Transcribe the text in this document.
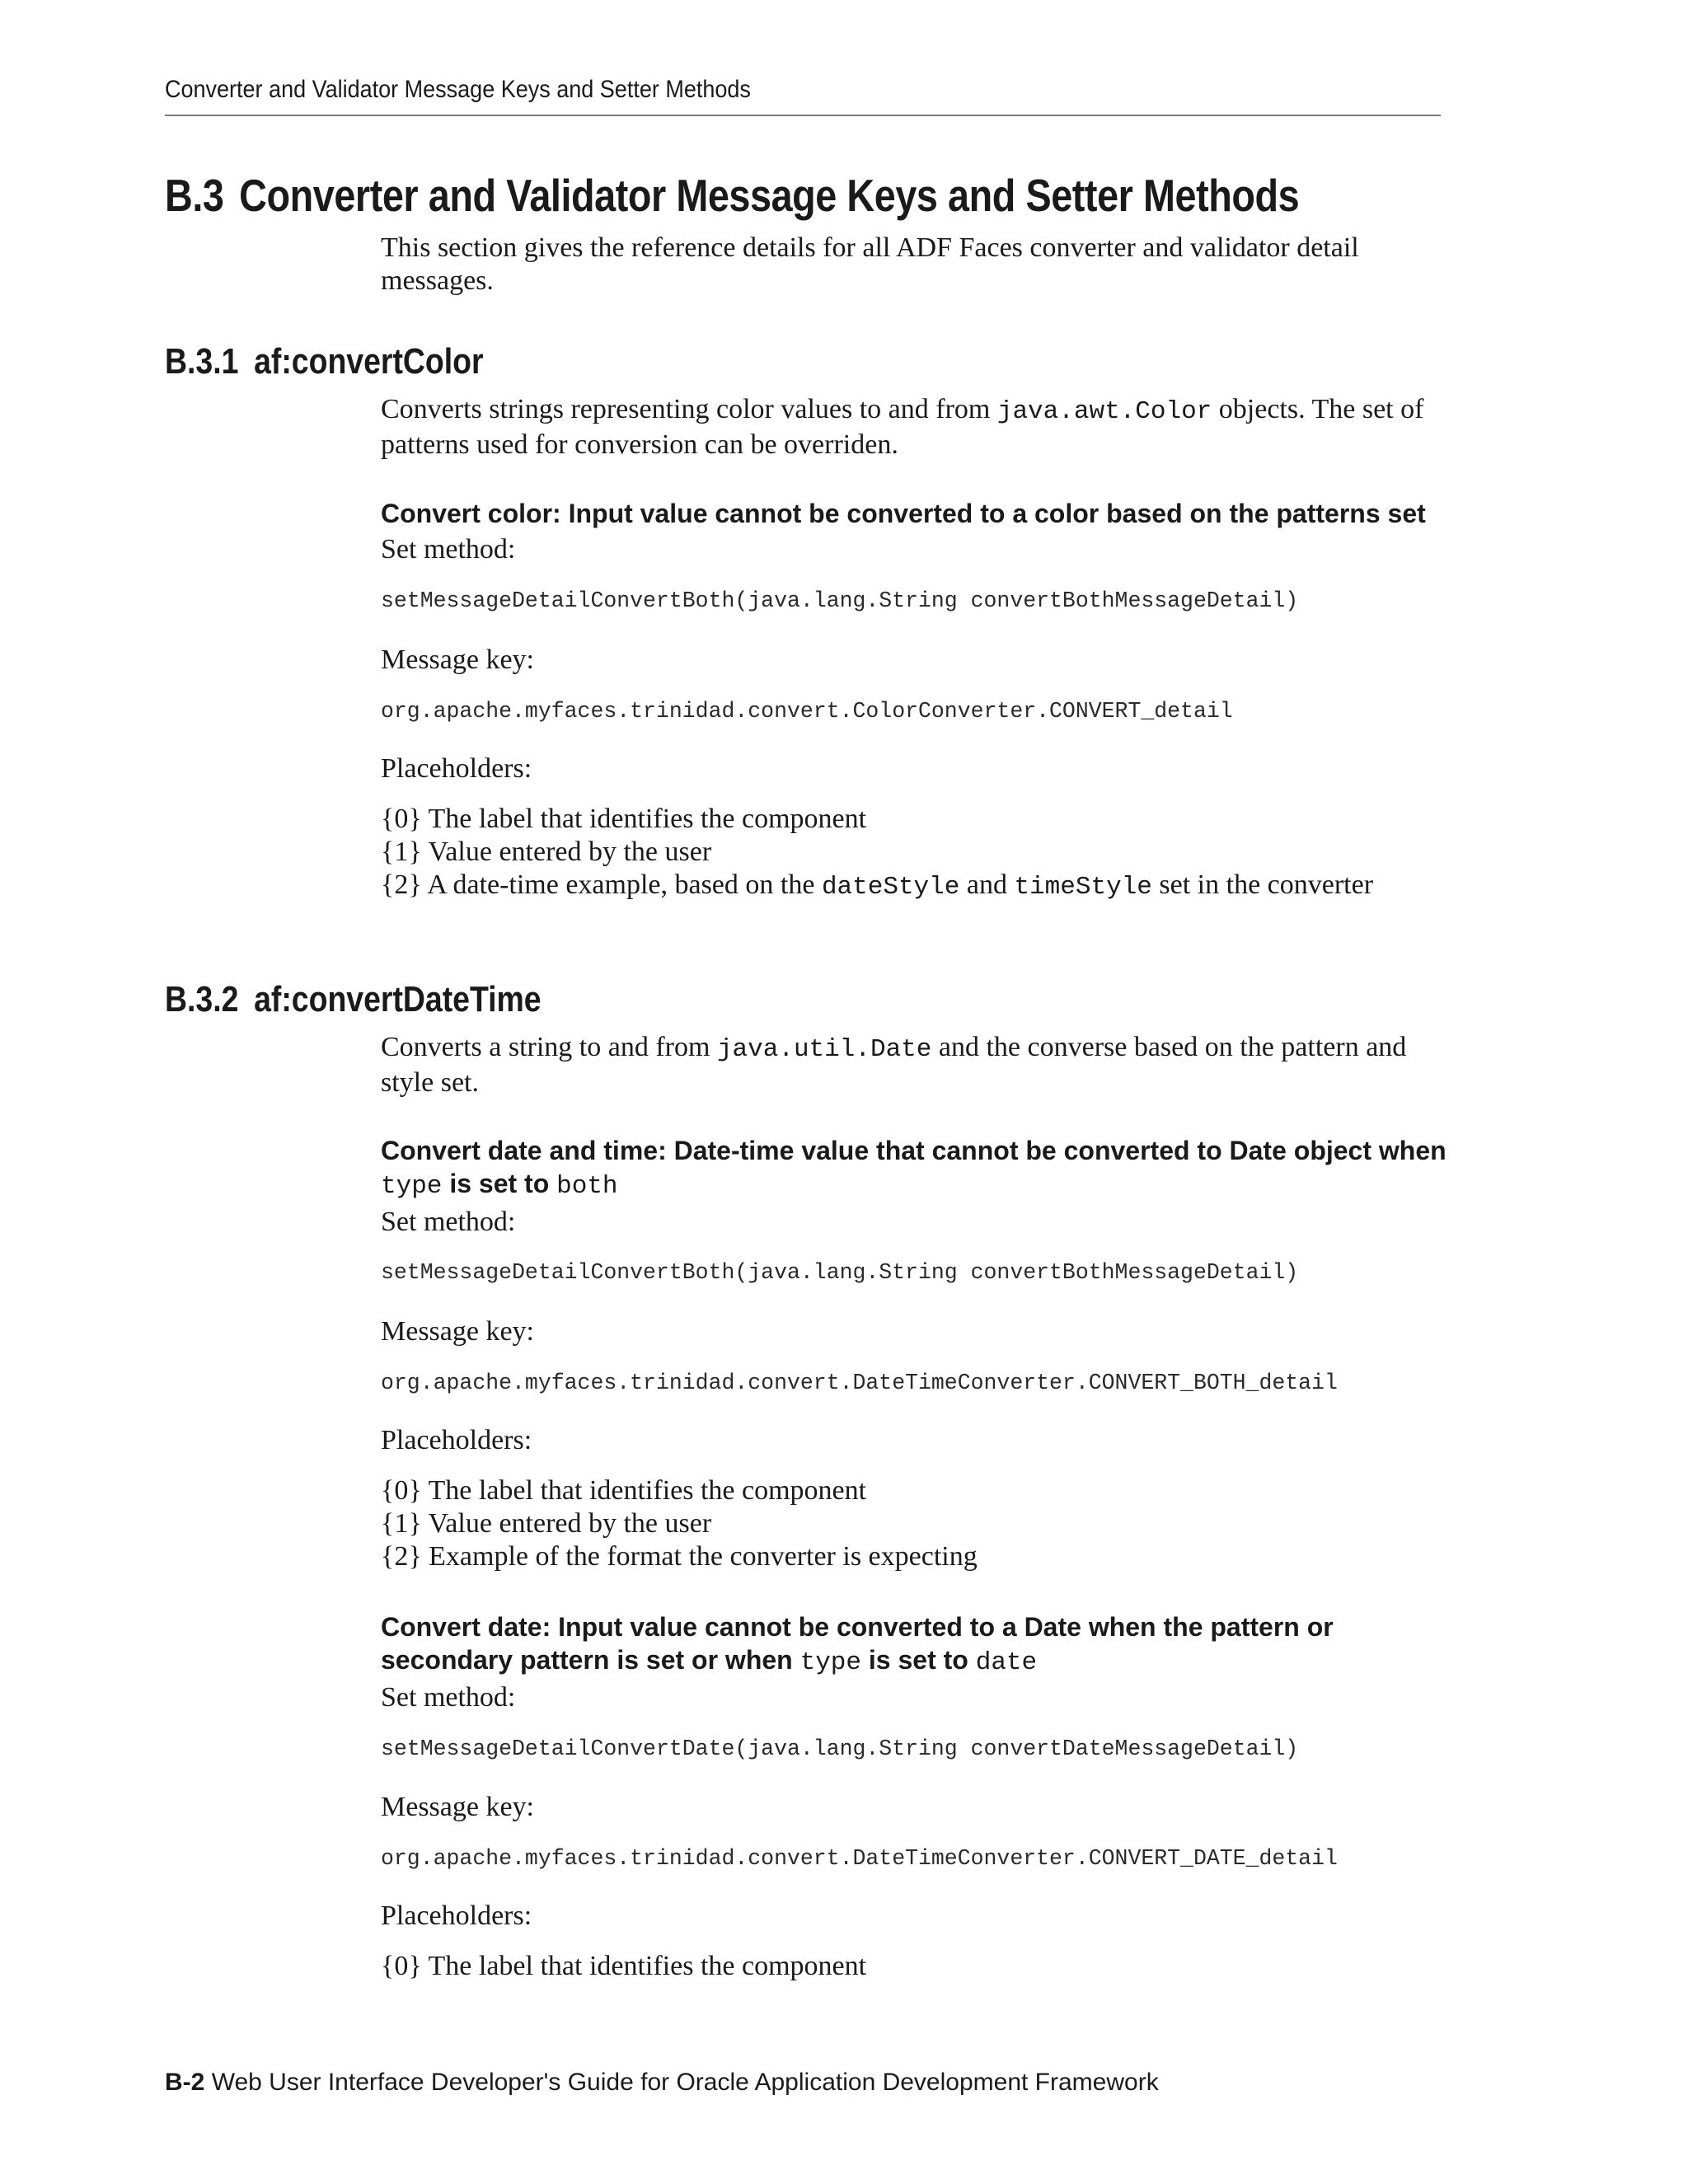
Converter and Validator Message Keys and Setter Methods
B.3 Converter and Validator Message Keys and Setter Methods

This section gives the reference details for all ADF Faces converter and validator detail messages.

B.3.1 af:convertColor

Converts strings representing color values to and from java.awt.Color objects. The set of patterns used for conversion can be overriden.

Convert color: Input value cannot be converted to a color based on the patterns set
Set method:
setMessageDetailConvertBoth(java.lang.String convertBothMessageDetail)
Message key:
org.apache.myfaces.trinidad.convert.ColorConverter.CONVERT_detail
Placeholders:
{0} The label that identifies the component
{1} Value entered by the user
{2} A date-time example, based on the dateStyle and timeStyle set in the converter
B.3.2 af:convertDateTime

Converts a string to and from java.util.Date and the converse based on the pattern and style set.

Convert date and time: Date-time value that cannot be converted to Date object when type is set to both
Set method:
setMessageDetailConvertBoth(java.lang.String convertBothMessageDetail)
Message key:
org.apache.myfaces.trinidad.convert.DateTimeConverter.CONVERT_BOTH_detail
Placeholders:
{0} The label that identifies the component
{1} Value entered by the user
{2} Example of the format the converter is expecting
Convert date: Input value cannot be converted to a Date when the pattern or secondary pattern is set or when type is set to date
Set method:
setMessageDetailConvertDate(java.lang.String convertDateMessageDetail)
Message key:
org.apache.myfaces.trinidad.convert.DateTimeConverter.CONVERT_DATE_detail
Placeholders:
{0} The label that identifies the component
B-2 Web User Interface Developer's Guide for Oracle Application Development Framework
